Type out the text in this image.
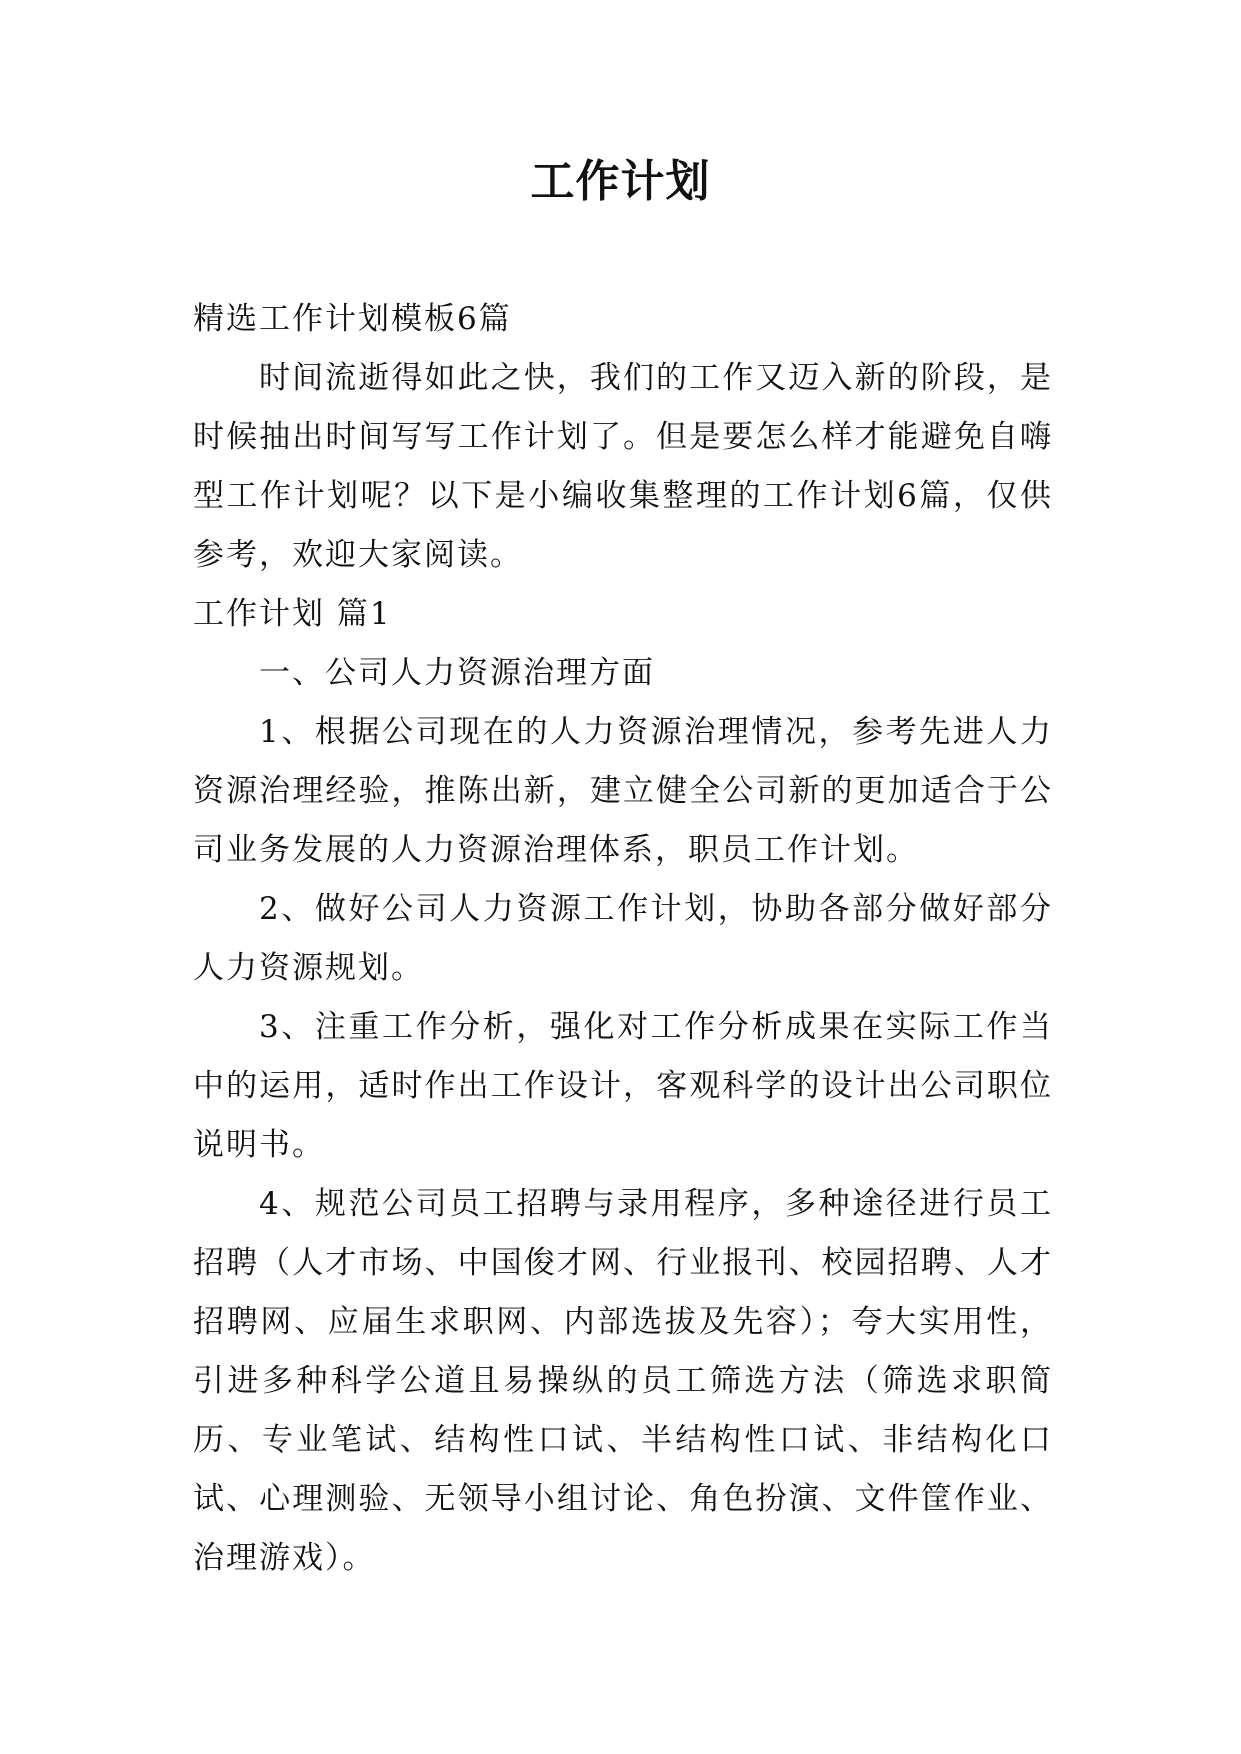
工作计划

精选工作计划模板6篇

时间流逝得如此之快，我们的工作又迈入新的阶段，是时候抽出时间写写工作计划了。但是要怎么样才能避免自嗨型工作计划呢？以下是小编收集整理的工作计划6篇，仅供参考，欢迎大家阅读。

工作计划 篇1

一、公司人力资源治理方面

1、根据公司现在的人力资源治理情况，参考先进人力资源治理经验，推陈出新，建立健全公司新的更加适合于公司业务发展的人力资源治理体系，职员工作计划。

2、做好公司人力资源工作计划，协助各部分做好部分人力资源规划。

3、注重工作分析，强化对工作分析成果在实际工作当中的运用，适时作出工作设计，客观科学的设计出公司职位说明书。

4、规范公司员工招聘与录用程序，多种途径进行员工招聘（人才市场、中国俊才网、行业报刊、校园招聘、人才招聘网、应届生求职网、内部选拔及先容）；夸大实用性，引进多种科学公道且易操纵的员工筛选方法（筛选求职简历、专业笔试、结构性口试、半结构性口试、非结构化口试、心理测验、无领导小组讨论、角色扮演、文件筐作业、治理游戏）。
